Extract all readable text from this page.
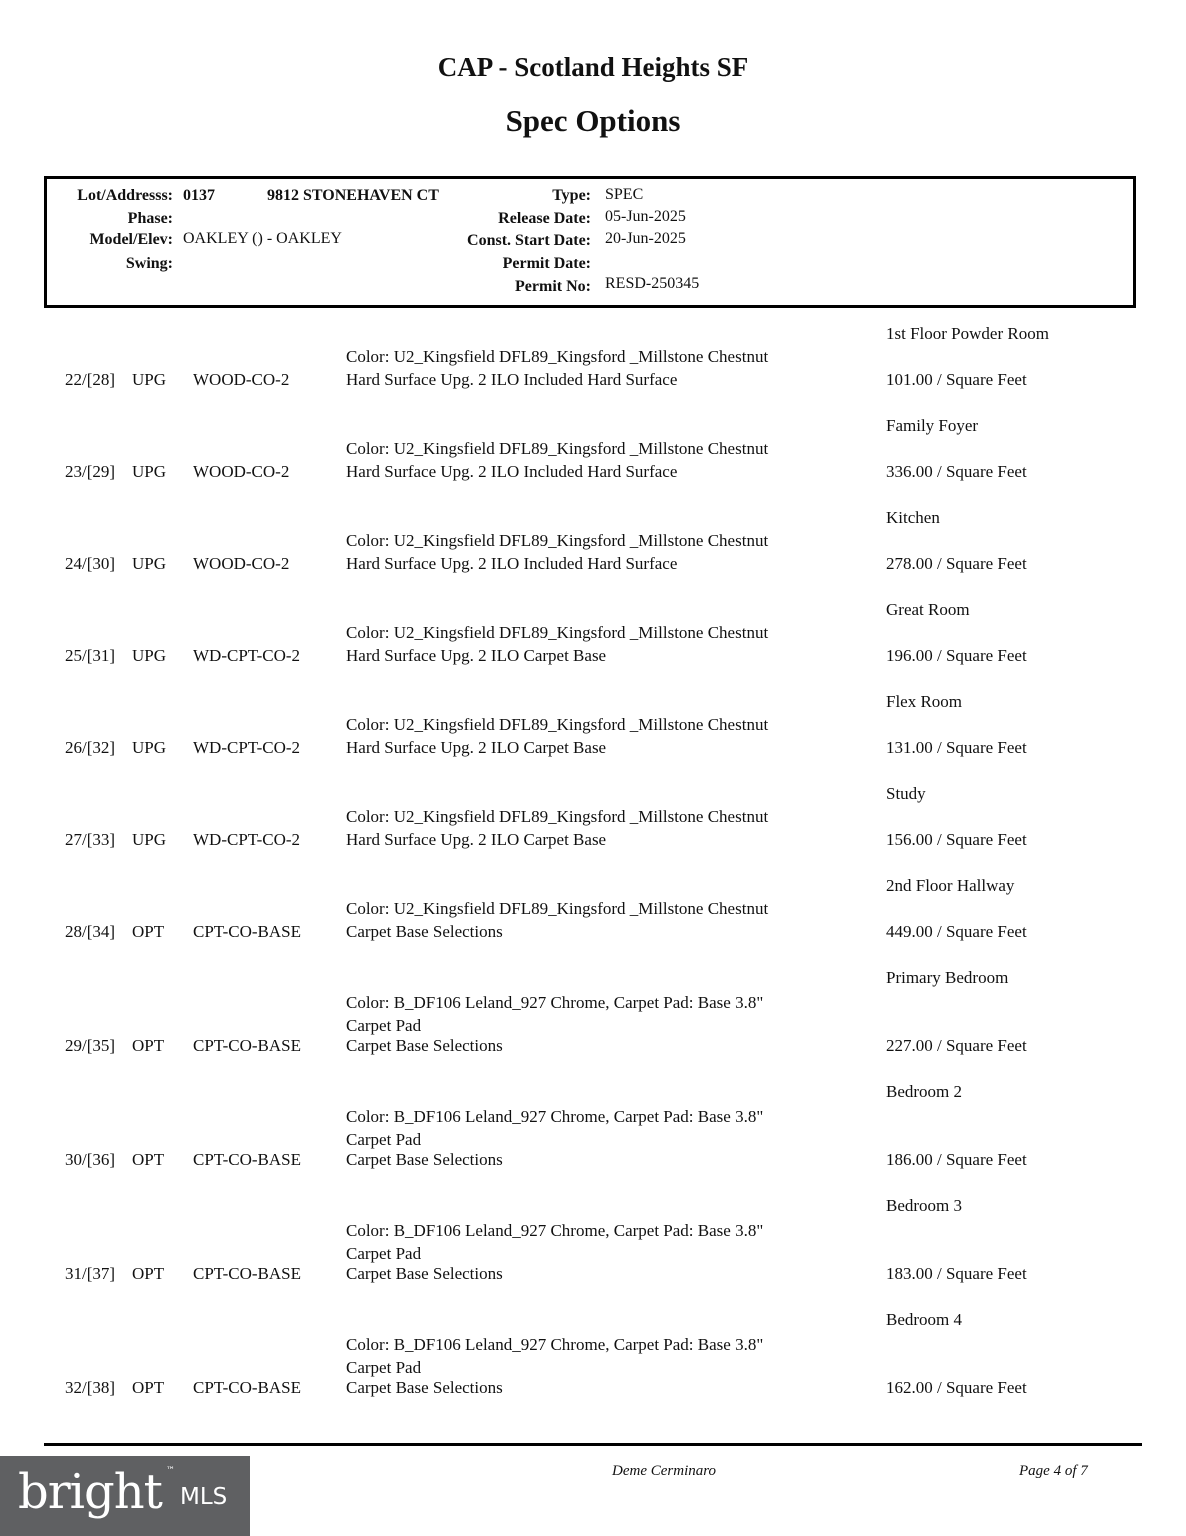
CAP - Scotland Heights SF
Spec Options
Lot/Addresss: 0137	9812 STONEHAVEN CT
Phase:
Model/Elev: OAKLEY () - OAKLEY
Swing:
Type: SPEC
Release Date: 05-Jun-2025
Const. Start Date: 20-Jun-2025
Permit Date:
Permit No: RESD-250345
1st Floor Powder Room
Color: U2_Kingsfield DFL89_Kingsford _Millstone Chestnut
22/[28] UPG WOOD-CO-2	Hard Surface Upg. 2 ILO Included Hard Surface	101.00 / Square Feet
Family Foyer
Color: U2_Kingsfield DFL89_Kingsford _Millstone Chestnut
23/[29] UPG WOOD-CO-2	Hard Surface Upg. 2 ILO Included Hard Surface	336.00 / Square Feet
Kitchen
Color: U2_Kingsfield DFL89_Kingsford _Millstone Chestnut
24/[30] UPG WOOD-CO-2	Hard Surface Upg. 2 ILO Included Hard Surface	278.00 / Square Feet
Great Room
Color: U2_Kingsfield DFL89_Kingsford _Millstone Chestnut
25/[31] UPG WD-CPT-CO-2	Hard Surface Upg. 2 ILO Carpet Base	196.00 / Square Feet
Flex Room
Color: U2_Kingsfield DFL89_Kingsford _Millstone Chestnut
26/[32] UPG WD-CPT-CO-2	Hard Surface Upg. 2 ILO Carpet Base	131.00 / Square Feet
Study
Color: U2_Kingsfield DFL89_Kingsford _Millstone Chestnut
27/[33] UPG WD-CPT-CO-2	Hard Surface Upg. 2 ILO Carpet Base	156.00 / Square Feet
2nd Floor Hallway
Color: U2_Kingsfield DFL89_Kingsford _Millstone Chestnut
28/[34] OPT CPT-CO-BASE	Carpet Base Selections	449.00 / Square Feet
Primary Bedroom
Color: B_DF106 Leland_927 Chrome, Carpet Pad: Base 3.8"
Carpet Pad
29/[35] OPT CPT-CO-BASE	Carpet Base Selections	227.00 / Square Feet
Bedroom 2
Color: B_DF106 Leland_927 Chrome, Carpet Pad: Base 3.8"
Carpet Pad
30/[36] OPT CPT-CO-BASE	Carpet Base Selections	186.00 / Square Feet
Bedroom 3
Color: B_DF106 Leland_927 Chrome, Carpet Pad: Base 3.8"
Carpet Pad
31/[37] OPT CPT-CO-BASE	Carpet Base Selections	183.00 / Square Feet
Bedroom 4
Color: B_DF106 Leland_927 Chrome, Carpet Pad: Base 3.8"
Carpet Pad
32/[38] OPT CPT-CO-BASE	Carpet Base Selections	162.00 / Square Feet
Deme Cerminaro	Page 4 of 7
bright ™
MLS
